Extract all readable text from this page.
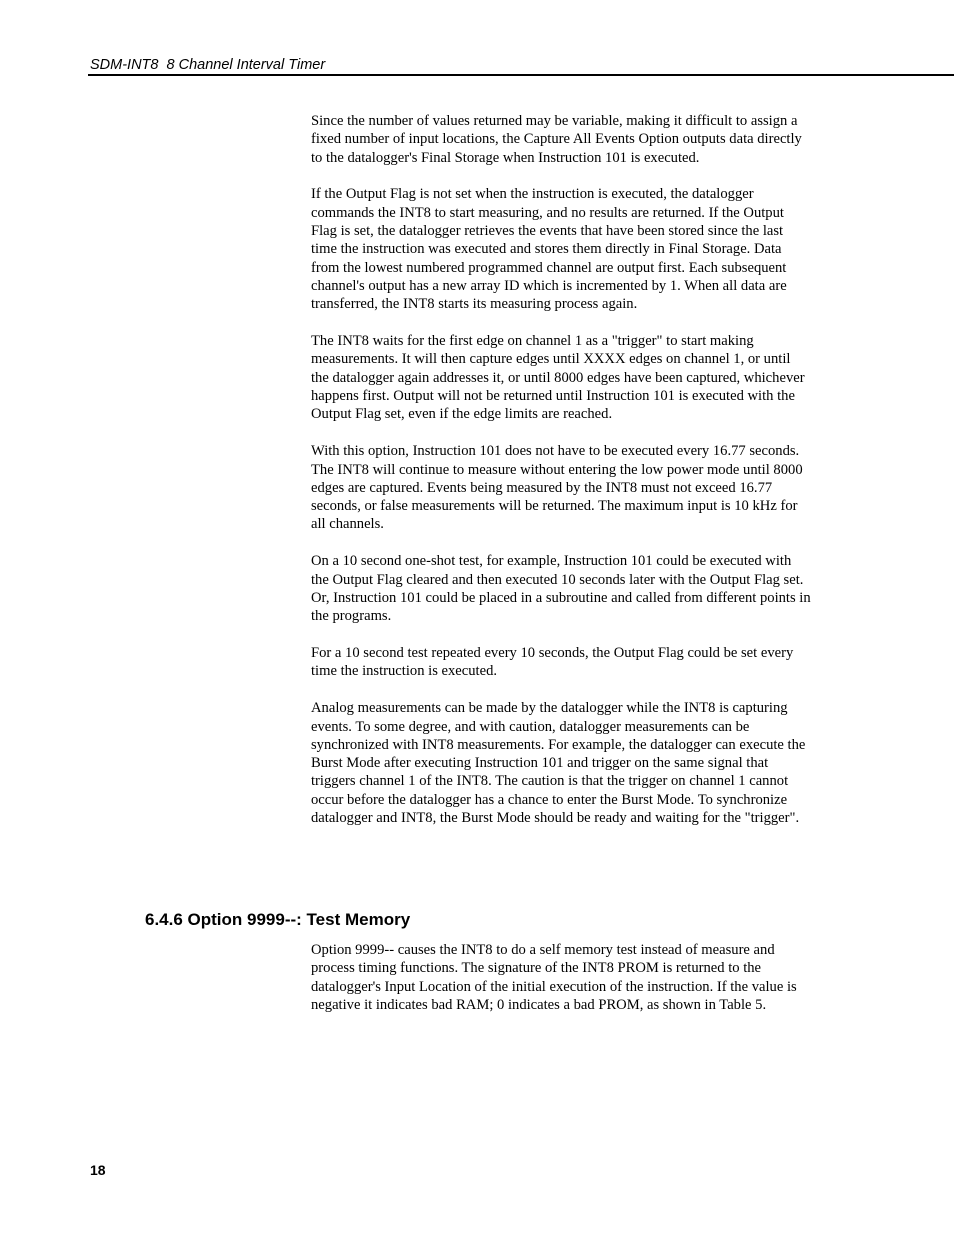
SDM-INT8  8 Channel Interval Timer

Since the number of values returned may be variable, making it difficult to assign a fixed number of input locations, the Capture All Events Option outputs data directly to the datalogger's Final Storage when Instruction 101 is executed.

If the Output Flag is not set when the instruction is executed, the datalogger commands the INT8 to start measuring, and no results are returned. If the Output Flag is set, the datalogger retrieves the events that have been stored since the last time the instruction was executed and stores them directly in Final Storage. Data from the lowest numbered programmed channel are output first. Each subsequent channel's output has a new array ID which is incremented by 1. When all data are transferred, the INT8 starts its measuring process again.

The INT8 waits for the first edge on channel 1 as a "trigger" to start making measurements. It will then capture edges until XXXX edges on channel 1, or until the datalogger again addresses it, or until 8000 edges have been captured, whichever happens first. Output will not be returned until Instruction 101 is executed with the Output Flag set, even if the edge limits are reached.

With this option, Instruction 101 does not have to be executed every 16.77 seconds. The INT8 will continue to measure without entering the low power mode until 8000 edges are captured. Events being measured by the INT8 must not exceed 16.77 seconds, or false measurements will be returned. The maximum input is 10 kHz for all channels.

On a 10 second one-shot test, for example, Instruction 101 could be executed with the Output Flag cleared and then executed 10 seconds later with the Output Flag set. Or, Instruction 101 could be placed in a subroutine and called from different points in the programs.

For a 10 second test repeated every 10 seconds, the Output Flag could be set every time the instruction is executed.

Analog measurements can be made by the datalogger while the INT8 is capturing events. To some degree, and with caution, datalogger measurements can be synchronized with INT8 measurements. For example, the datalogger can execute the Burst Mode after executing Instruction 101 and trigger on the same signal that triggers channel 1 of the INT8. The caution is that the trigger on channel 1 cannot occur before the datalogger has a chance to enter the Burst Mode. To synchronize datalogger and INT8, the Burst Mode should be ready and waiting for the "trigger".

6.4.6 Option 9999--: Test Memory

Option 9999-- causes the INT8 to do a self memory test instead of measure and process timing functions. The signature of the INT8 PROM is returned to the datalogger's Input Location of the initial execution of the instruction. If the value is negative it indicates bad RAM; 0 indicates a bad PROM, as shown in Table 5.

18
